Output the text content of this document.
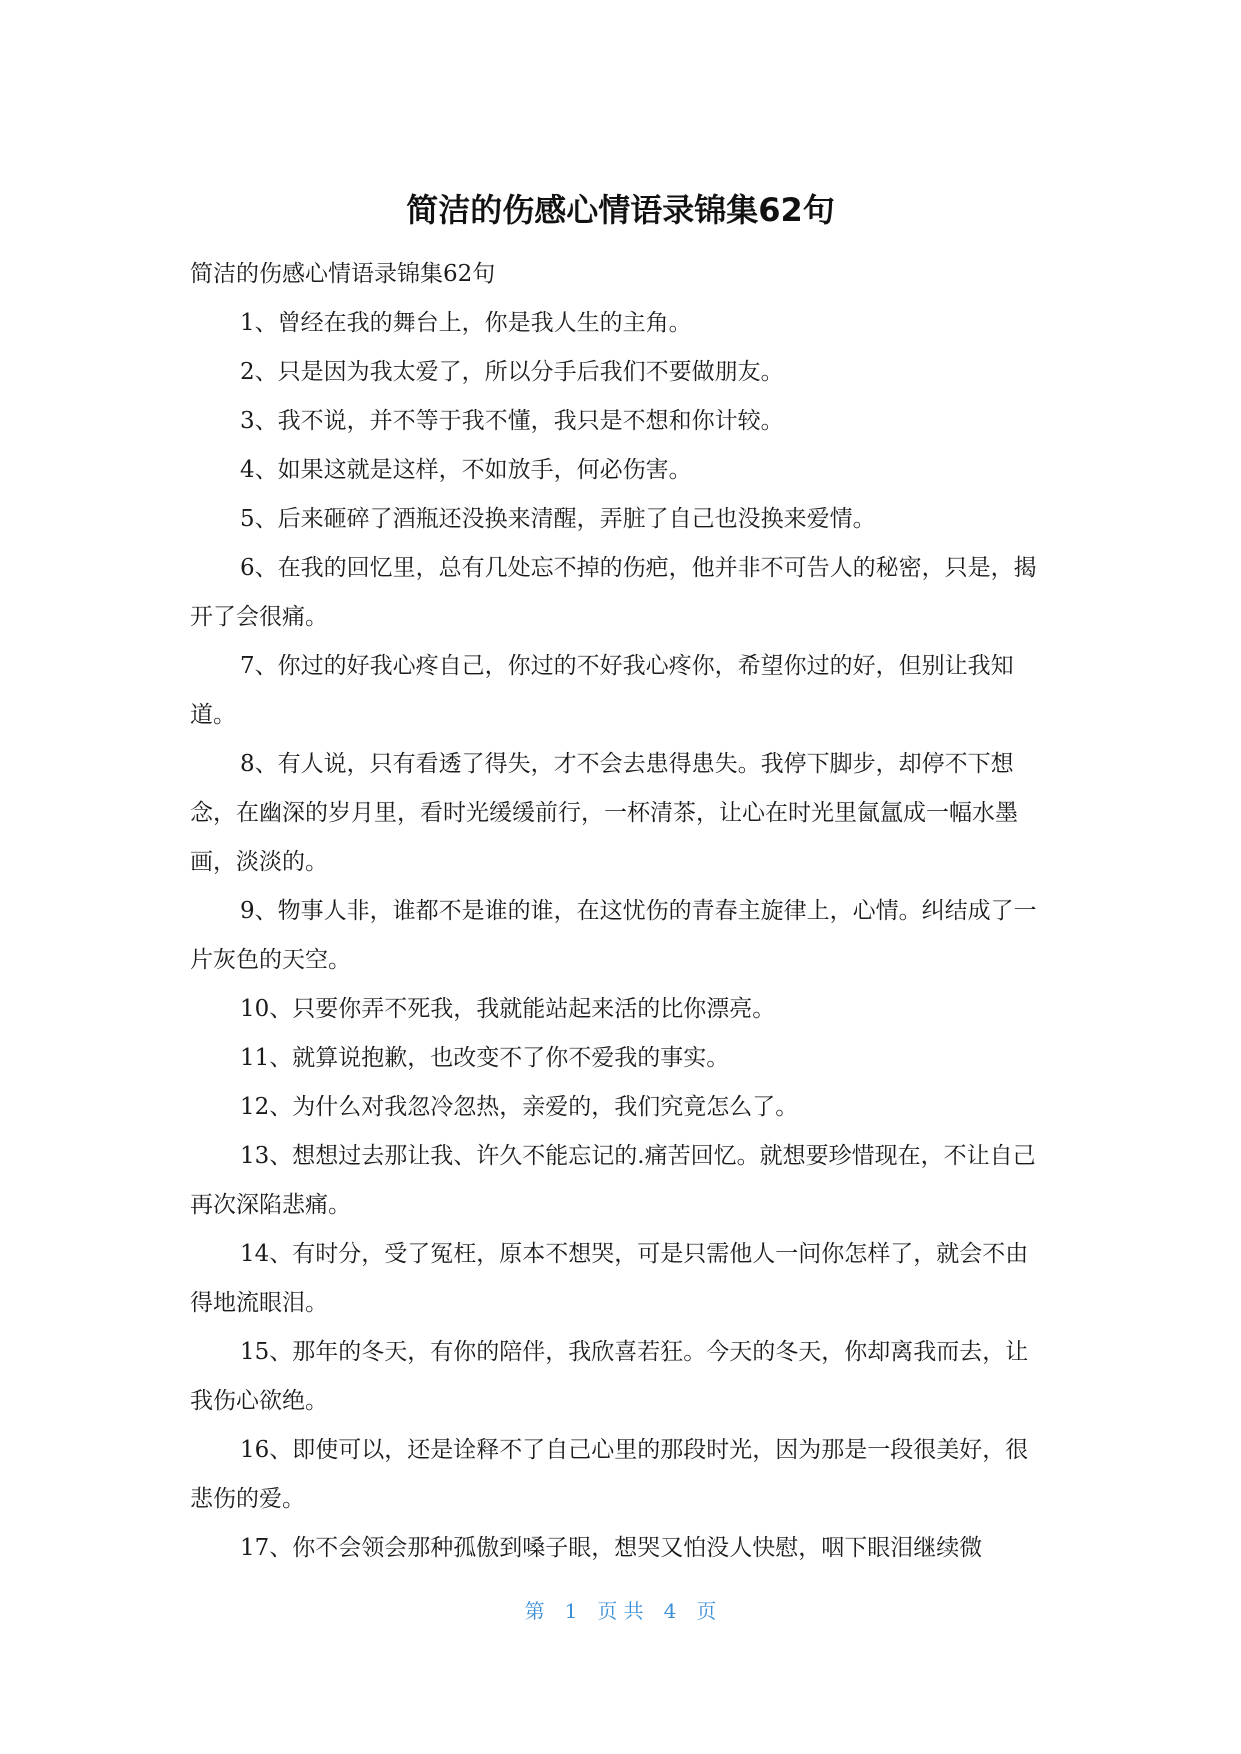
简洁的伤感心情语录锦集62句

简洁的伤感心情语录锦集62句

1、曾经在我的舞台上，你是我人生的主角。

2、只是因为我太爱了，所以分手后我们不要做朋友。

3、我不说，并不等于我不懂，我只是不想和你计较。

4、如果这就是这样，不如放手，何必伤害。

5、后来砸碎了酒瓶还没换来清醒，弄脏了自己也没换来爱情。

6、在我的回忆里，总有几处忘不掉的伤疤，他并非不可告人的秘密，只是，揭开了会很痛。

7、你过的好我心疼自己，你过的不好我心疼你，希望你过的好，但别让我知道。

8、有人说，只有看透了得失，才不会去患得患失。我停下脚步，却停不下想念，在幽深的岁月里，看时光缓缓前行，一杯清茶，让心在时光里氤氲成一幅水墨画，淡淡的。

9、物事人非，谁都不是谁的谁，在这忧伤的青春主旋律上，心情。纠结成了一片灰色的天空。

10、只要你弄不死我，我就能站起来活的比你漂亮。

11、就算说抱歉，也改变不了你不爱我的事实。

12、为什么对我忽冷忽热，亲爱的，我们究竟怎么了。

13、想想过去那让我、许久不能忘记的.痛苦回忆。就想要珍惜现在，不让自己再次深陷悲痛。

14、有时分，受了冤枉，原本不想哭，可是只需他人一问你怎样了，就会不由得地流眼泪。

15、那年的冬天，有你的陪伴，我欣喜若狂。今天的冬天，你却离我而去，让我伤心欲绝。

16、即使可以，还是诠释不了自己心里的那段时光，因为那是一段很美好，很悲伤的爱。

17、你不会领会那种孤傲到嗓子眼，想哭又怕没人快慰，咽下眼泪继续微

第　1　页 共　4　页
